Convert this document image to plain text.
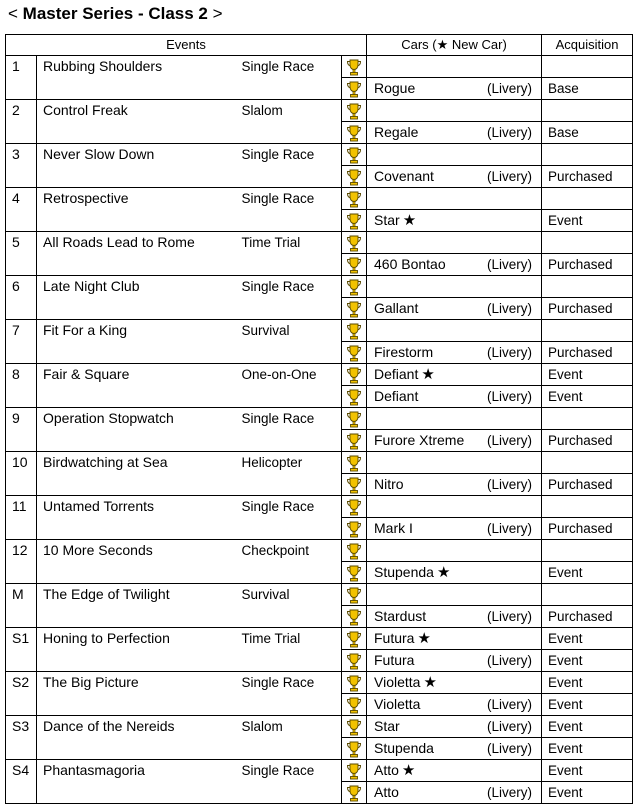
< Master Series - Class 2 >
Events				Cars (★ New Car)	Acquisition
1	Rubbing Shoulders	Single Race		

Rogue (Livery)	Base
2	Control Freak	Slalom		

Regale (Livery)	Base
3	Never Slow Down	Single Race		

Covenant (Livery)	Purchased
4	Retrospective	Single Race		

Star ★	Event
5	All Roads Lead to Rome	Time Trial		

460 Bontao (Livery)	Purchased
6	Late Night Club	Single Race		

Gallant (Livery)	Purchased
7	Fit For a King	Survival		

Firestorm (Livery)	Purchased
8	Fair & Square	One-on-One		Defiant ★	Event

Defiant (Livery)	Event
9	Operation Stopwatch	Single Race		

Furore Xtreme (Livery)	Purchased
10	Birdwatching at Sea	Helicopter		

Nitro (Livery)	Purchased
11	Untamed Torrents	Single Race		

Mark I (Livery)	Purchased
12	10 More Seconds	Checkpoint		

Stupenda ★	Event
M	The Edge of Twilight	Survival		

Stardust (Livery)	Purchased
S1	Honing to Perfection	Time Trial		Futura ★	Event

Futura (Livery)	Event
S2	The Big Picture	Single Race		Violetta ★	Event

Violetta (Livery)	Event
S3	Dance of the Nereids	Slalom		Star (Livery)	Event

Stupenda (Livery)	Event
S4	Phantasmagoria	Single Race		Atto ★	Event

Atto (Livery)	Event
